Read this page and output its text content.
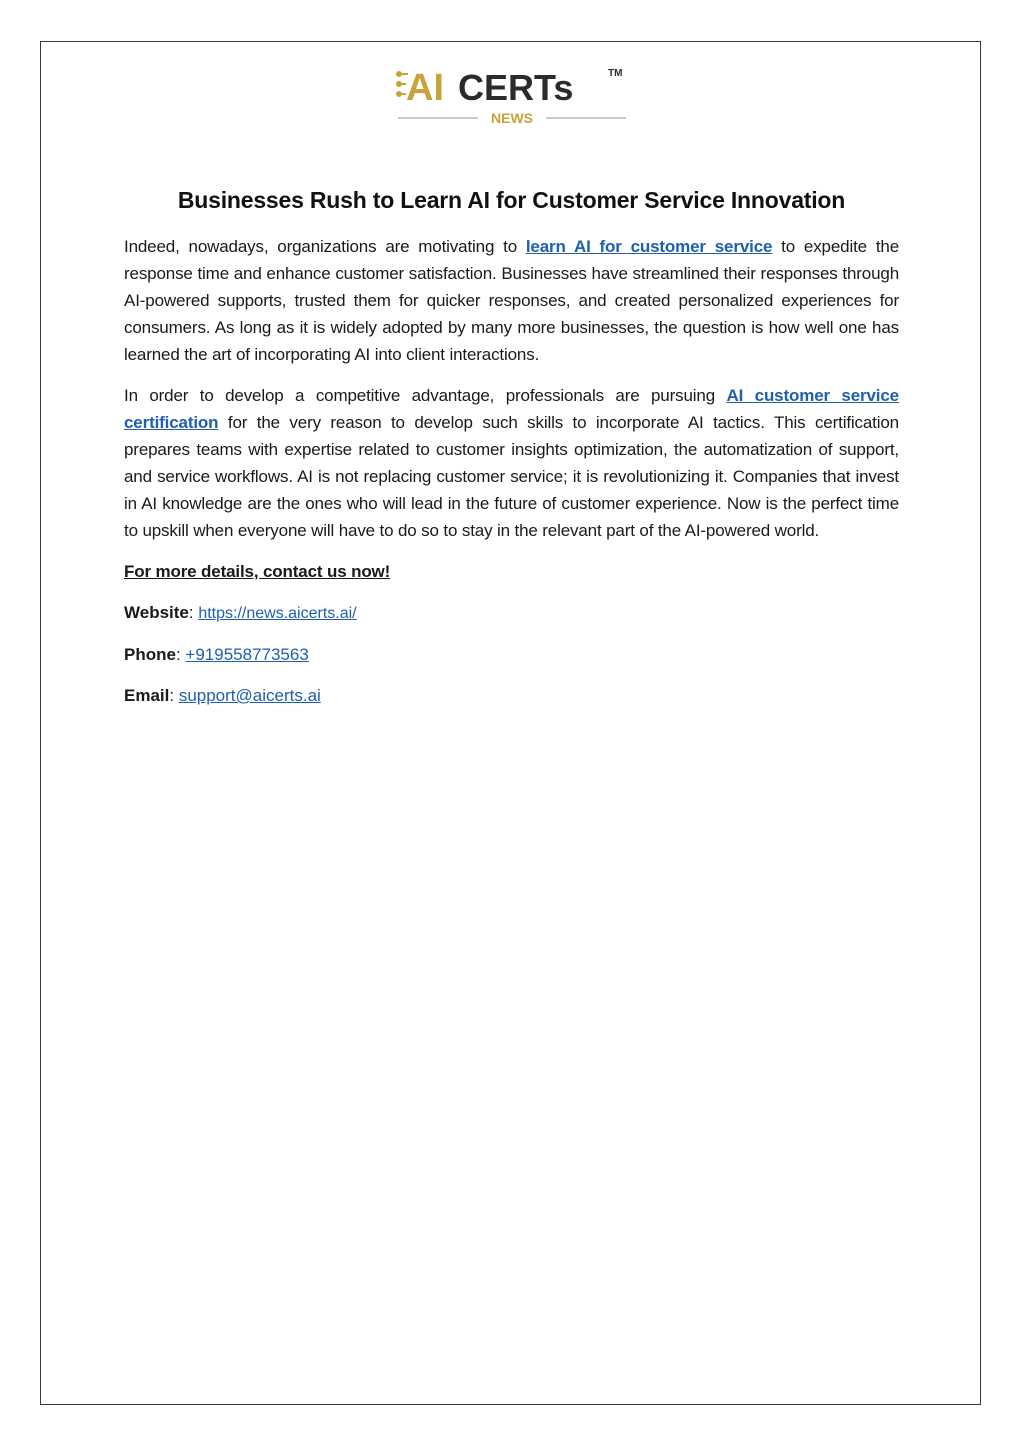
AI CERTs	TM
NEWS
Businesses Rush to Learn AI for Customer Service Innovation

Indeed, nowadays, organizations are motivating to learn AI for customer service to expedite the response time and enhance customer satisfaction. Businesses have streamlined their responses through AI-powered supports, trusted them for quicker responses, and created personalized experiences for consumers. As long as it is widely adopted by many more businesses, the question is how well one has learned the art of incorporating AI into client interactions.

In order to develop a competitive advantage, professionals are pursuing AI customer service certification for the very reason to develop such skills to incorporate AI tactics. This certification prepares teams with expertise related to customer insights optimization, the automatization of support, and service workflows. AI is not replacing customer service; it is revolutionizing it. Companies that invest in AI knowledge are the ones who will lead in the future of customer experience. Now is the perfect time to upskill when everyone will have to do so to stay in the relevant part of the AI-powered world.

For more details, contact us now!

Website: https://news.aicerts.ai/
Phone: +919558773563
Email: support@aicerts.ai
